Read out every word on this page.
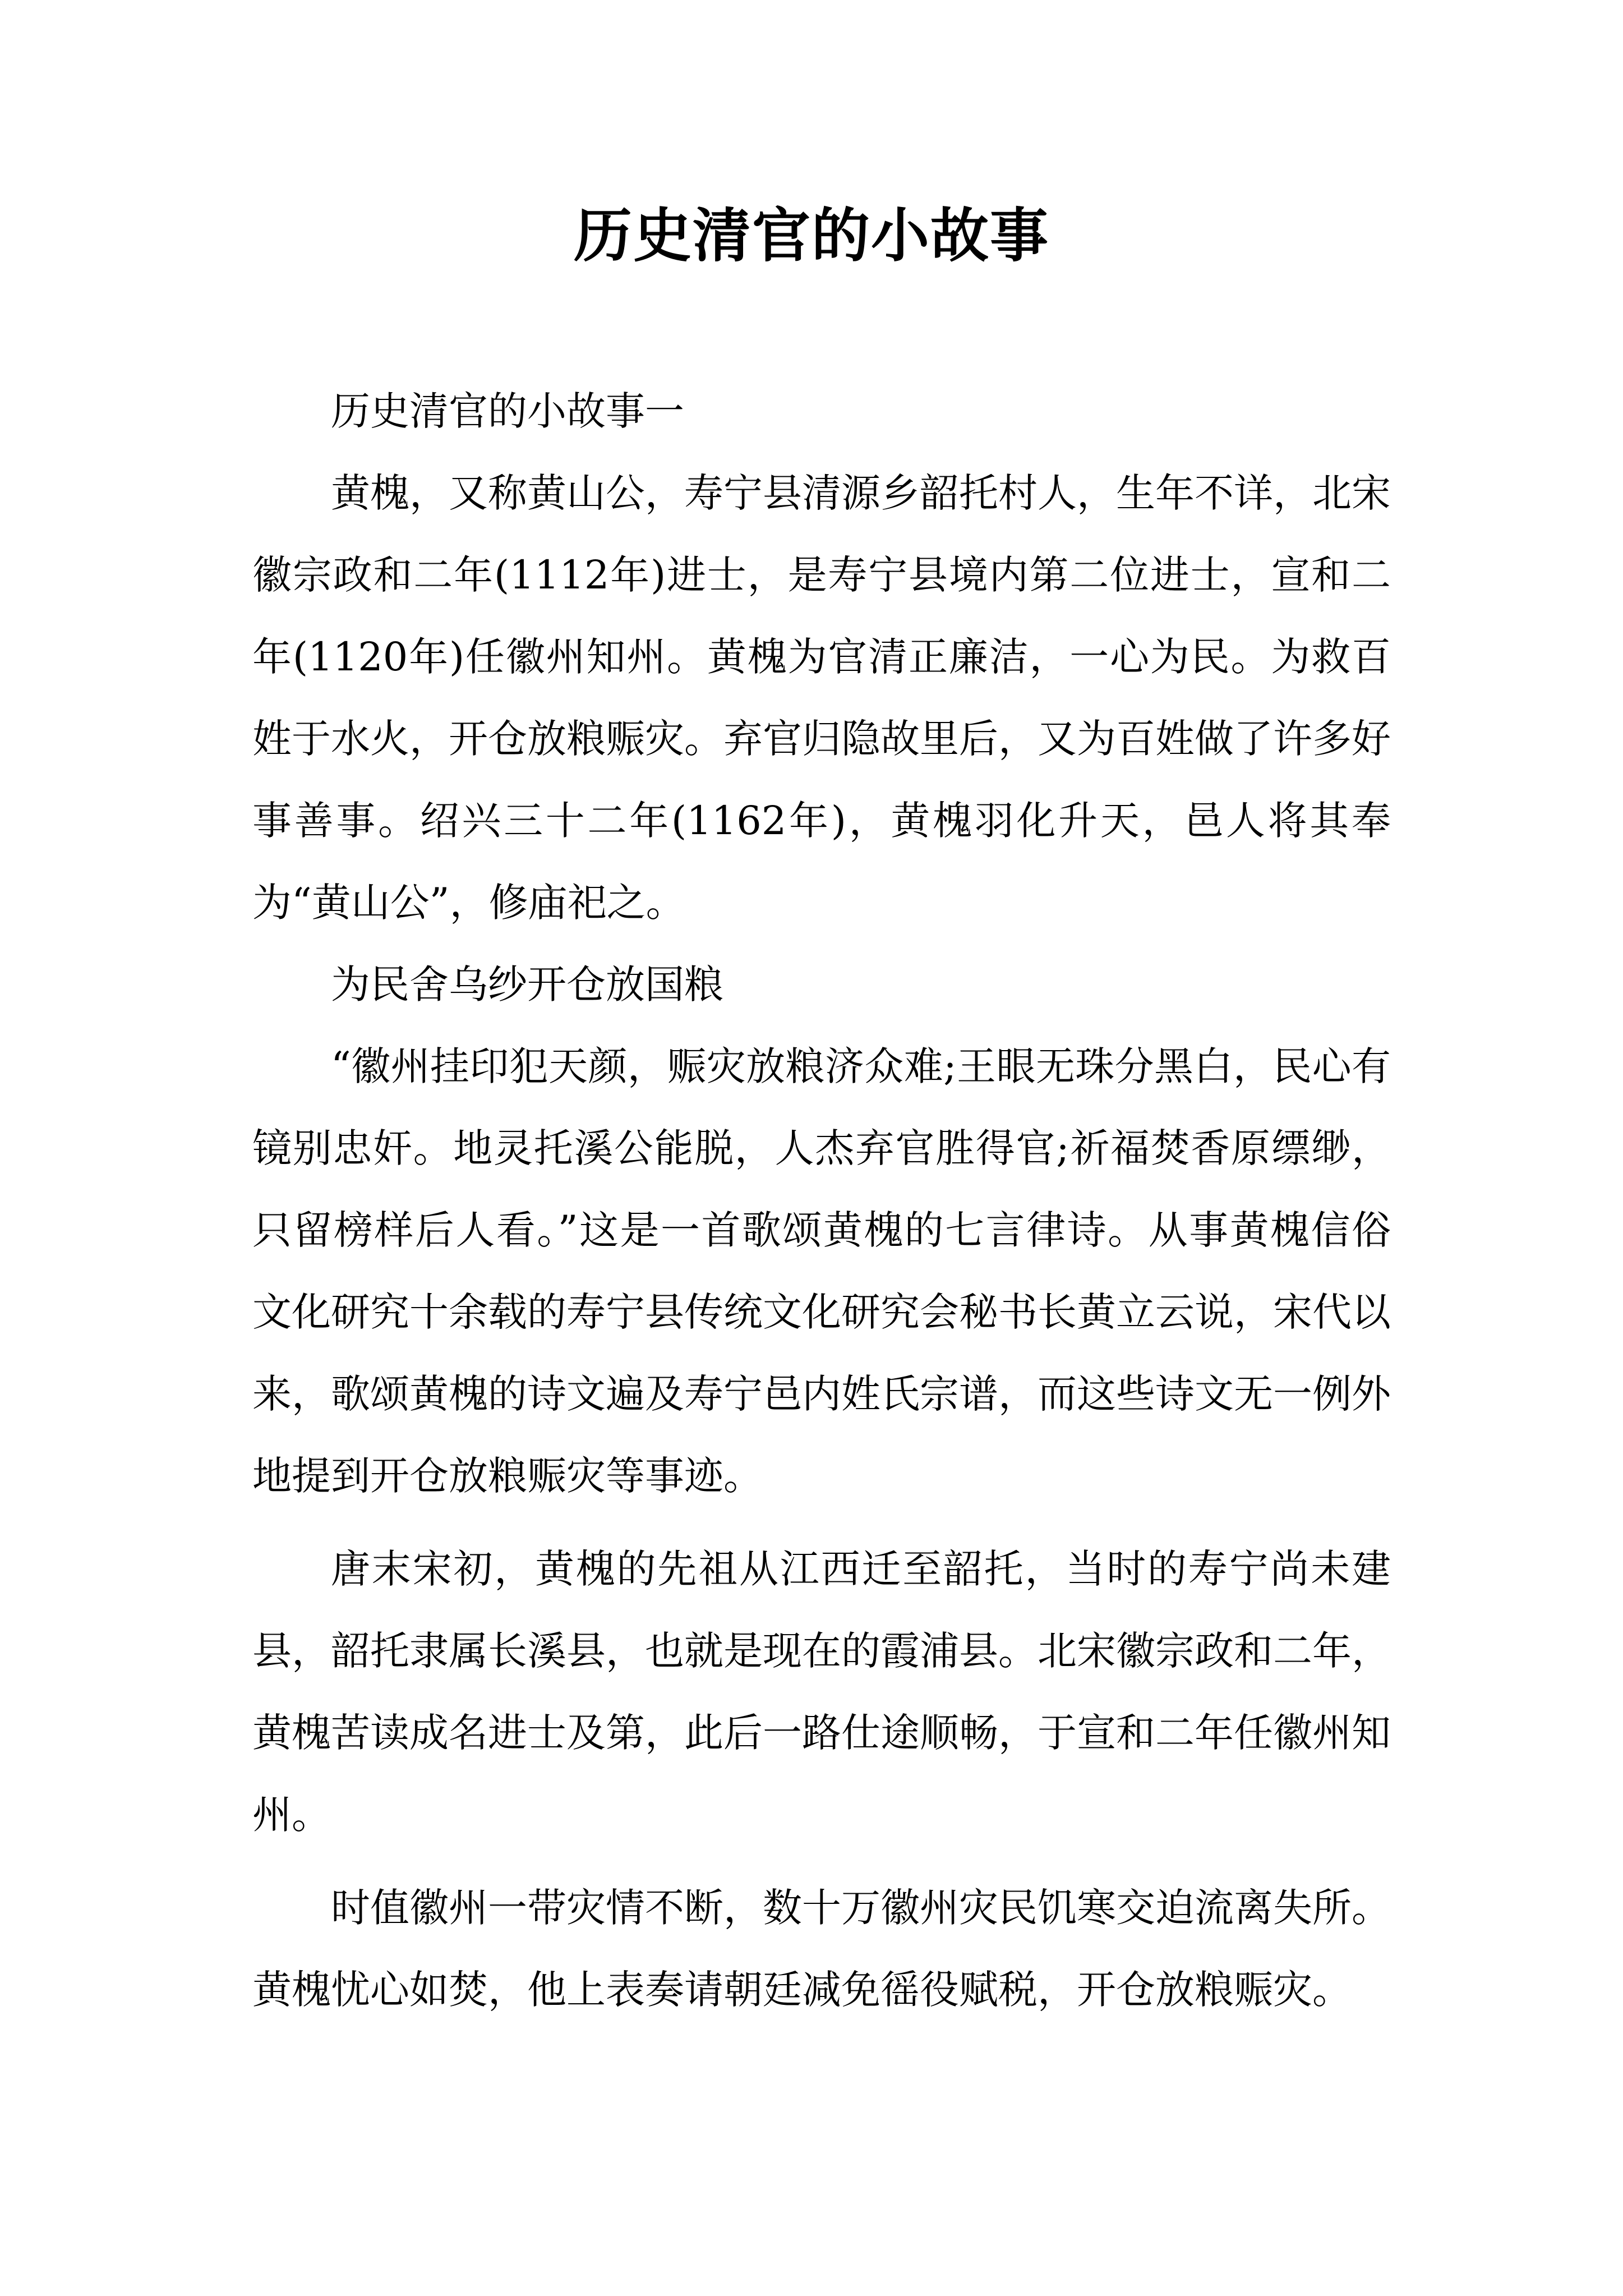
历史清官的小故事

历史清官的小故事一

黄槐，又称黄山公，寿宁县清源乡韶托村人，生年不详，北宋徽宗政和二年(1112年)进士，是寿宁县境内第二位进士，宣和二年(1120年)任徽州知州。黄槐为官清正廉洁，一心为民。为救百姓于水火，开仓放粮赈灾。弃官归隐故里后，又为百姓做了许多好事善事。绍兴三十二年(1162年)，黄槐羽化升天，邑人将其奉为“黄山公”，修庙祀之。

为民舍乌纱开仓放国粮

“徽州挂印犯天颜，赈灾放粮济众难;王眼无珠分黑白，民心有镜别忠奸。地灵托溪公能脱，人杰弃官胜得官;祈福焚香原缥缈，只留榜样后人看。”这是一首歌颂黄槐的七言律诗。从事黄槐信俗文化研究十余载的寿宁县传统文化研究会秘书长黄立云说，宋代以来，歌颂黄槐的诗文遍及寿宁邑内姓氏宗谱，而这些诗文无一例外地提到开仓放粮赈灾等事迹。

唐末宋初，黄槐的先祖从江西迁至韶托，当时的寿宁尚未建县，韶托隶属长溪县，也就是现在的霞浦县。北宋徽宗政和二年，黄槐苦读成名进士及第，此后一路仕途顺畅，于宣和二年任徽州知州。

时值徽州一带灾情不断，数十万徽州灾民饥寒交迫流离失所。黄槐忧心如焚，他上表奏请朝廷减免徭役赋税，开仓放粮赈灾。
